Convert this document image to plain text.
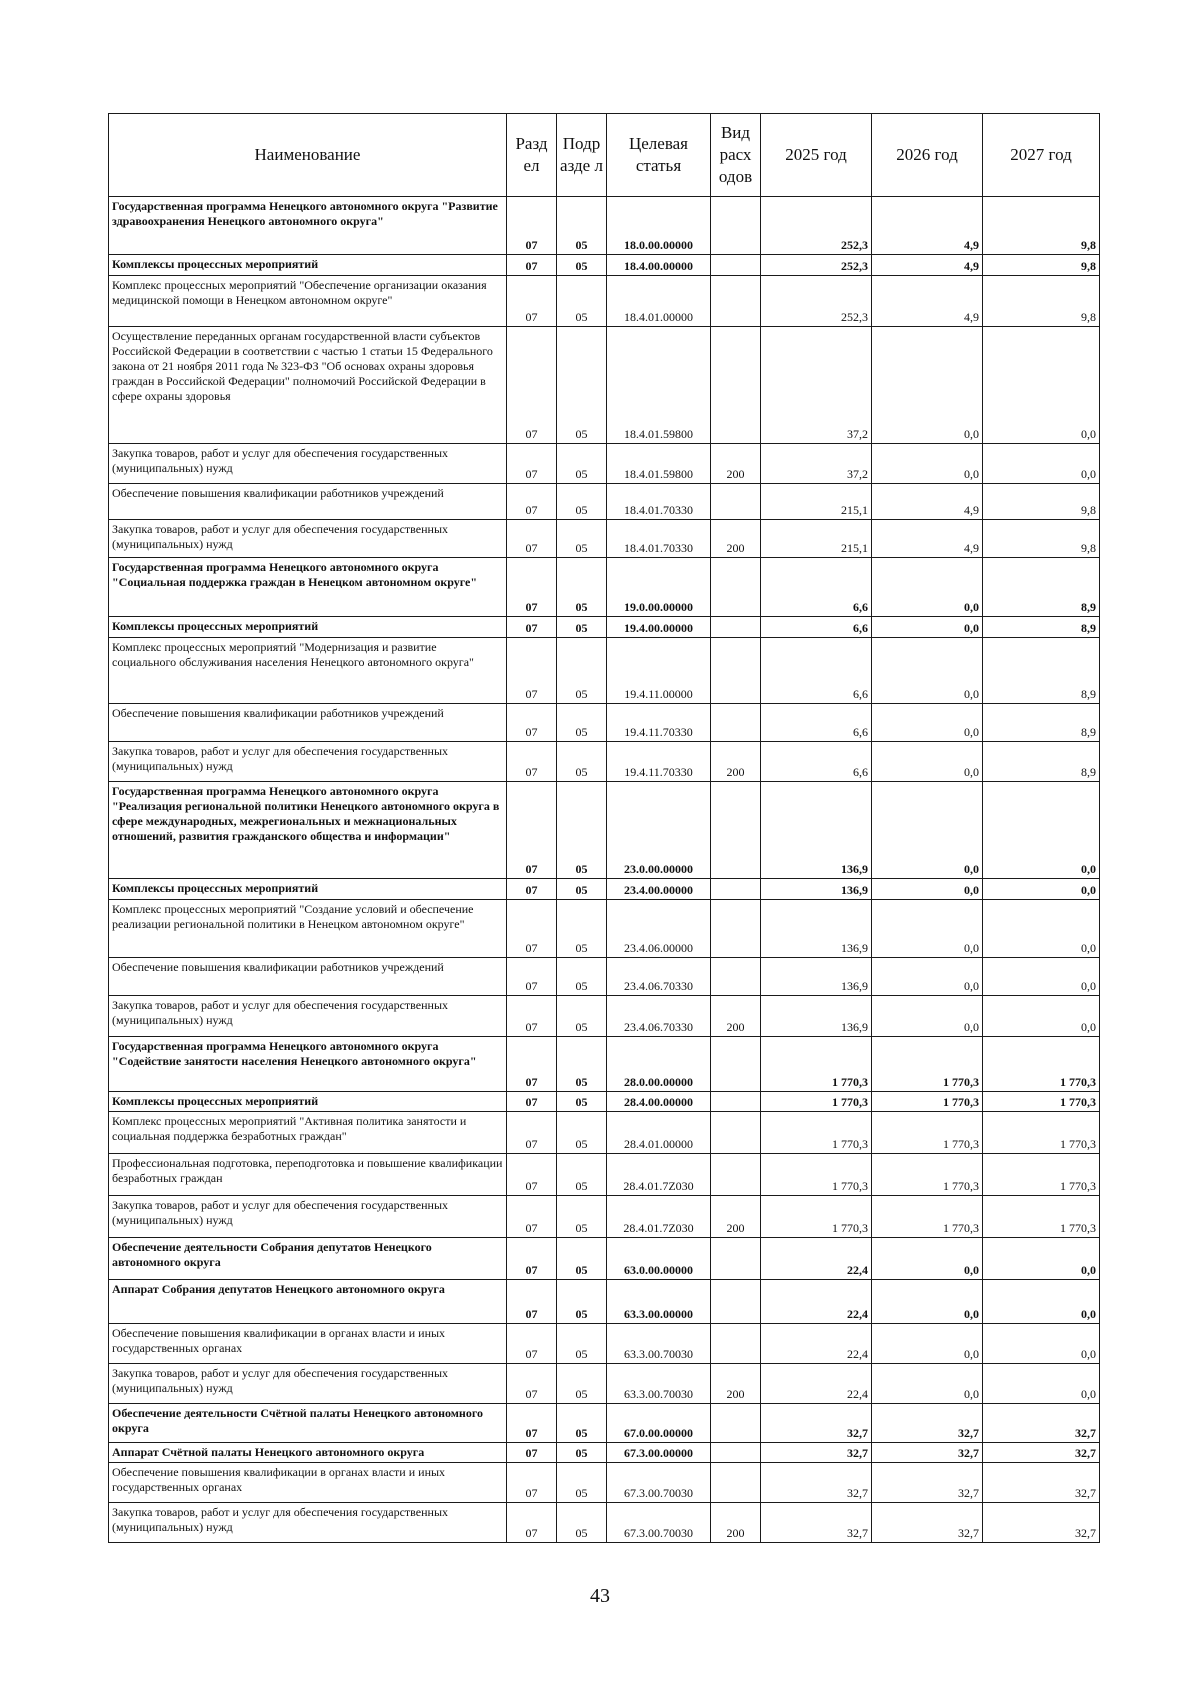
Наименование	Разд ел	Подр азде л	Целевая статья	Вид расх одов	2025 год	2026 год	2027 год
Государственная программа Ненецкого автономного округа "Развитие здравоохранения Ненецкого автономного округа"	07	05	18.0.00.00000		252,3	4,9	9,8
Комплексы процессных мероприятий	07	05	18.4.00.00000		252,3	4,9	9,8
Комплекс процессных мероприятий "Обеспечение организации оказания медицинской помощи в Ненецком автономном округе"	07	05	18.4.01.00000		252,3	4,9	9,8
Осуществление переданных органам государственной власти субъектов Российской Федерации в соответствии с частью 1 статьи 15 Федерального закона от 21 ноября 2011 года № 323-ФЗ "Об основах охраны здоровья граждан в Российской Федерации" полномочий Российской Федерации в сфере охраны здоровья	07	05	18.4.01.59800		37,2	0,0	0,0
Закупка товаров, работ и услуг для обеспечения государственных (муниципальных) нужд	07	05	18.4.01.59800	200	37,2	0,0	0,0
Обеспечение повышения квалификации работников учреждений	07	05	18.4.01.70330		215,1	4,9	9,8
Закупка товаров, работ и услуг для обеспечения государственных (муниципальных) нужд	07	05	18.4.01.70330	200	215,1	4,9	9,8
Государственная программа Ненецкого автономного округа "Социальная поддержка граждан в Ненецком автономном округе"	07	05	19.0.00.00000		6,6	0,0	8,9
Комплексы процессных мероприятий	07	05	19.4.00.00000		6,6	0,0	8,9
Комплекс процессных мероприятий "Модернизация и развитие социального обслуживания населения Ненецкого автономного округа"	07	05	19.4.11.00000		6,6	0,0	8,9
Обеспечение повышения квалификации работников учреждений	07	05	19.4.11.70330		6,6	0,0	8,9
Закупка товаров, работ и услуг для обеспечения государственных (муниципальных) нужд	07	05	19.4.11.70330	200	6,6	0,0	8,9
Государственная программа Ненецкого автономного округа "Реализация региональной политики Ненецкого автономного округа в сфере международных, межрегиональных и межнациональных отношений, развития гражданского общества и информации"	07	05	23.0.00.00000		136,9	0,0	0,0
Комплексы процессных мероприятий	07	05	23.4.00.00000		136,9	0,0	0,0
Комплекс процессных мероприятий "Создание условий и обеспечение реализации региональной политики в Ненецком автономном округе"	07	05	23.4.06.00000		136,9	0,0	0,0
Обеспечение повышения квалификации работников учреждений	07	05	23.4.06.70330		136,9	0,0	0,0
Закупка товаров, работ и услуг для обеспечения государственных (муниципальных) нужд	07	05	23.4.06.70330	200	136,9	0,0	0,0
Государственная программа Ненецкого автономного округа "Содействие занятости населения Ненецкого автономного округа"	07	05	28.0.00.00000		1 770,3	1 770,3	1 770,3
Комплексы процессных мероприятий	07	05	28.4.00.00000		1 770,3	1 770,3	1 770,3
Комплекс процессных мероприятий "Активная политика занятости и социальная поддержка безработных граждан"	07	05	28.4.01.00000		1 770,3	1 770,3	1 770,3
Профессиональная подготовка, переподготовка и повышение квалификации безработных граждан	07	05	28.4.01.7Z030		1 770,3	1 770,3	1 770,3
Закупка товаров, работ и услуг для обеспечения государственных (муниципальных) нужд	07	05	28.4.01.7Z030	200	1 770,3	1 770,3	1 770,3
Обеспечение деятельности Собрания депутатов Ненецкого автономного округа	07	05	63.0.00.00000		22,4	0,0	0,0
Аппарат Собрания депутатов Ненецкого автономного округа	07	05	63.3.00.00000		22,4	0,0	0,0
Обеспечение повышения квалификации в органах власти и иных государственных органах	07	05	63.3.00.70030		22,4	0,0	0,0
Закупка товаров, работ и услуг для обеспечения государственных (муниципальных) нужд	07	05	63.3.00.70030	200	22,4	0,0	0,0
Обеспечение деятельности Счётной палаты Ненецкого автономного округа	07	05	67.0.00.00000		32,7	32,7	32,7
Аппарат Счётной палаты Ненецкого автономного округа	07	05	67.3.00.00000		32,7	32,7	32,7
Обеспечение повышения квалификации в органах власти и иных государственных органах	07	05	67.3.00.70030		32,7	32,7	32,7
Закупка товаров, работ и услуг для обеспечения государственных (муниципальных) нужд	07	05	67.3.00.70030	200	32,7	32,7	32,7
43
